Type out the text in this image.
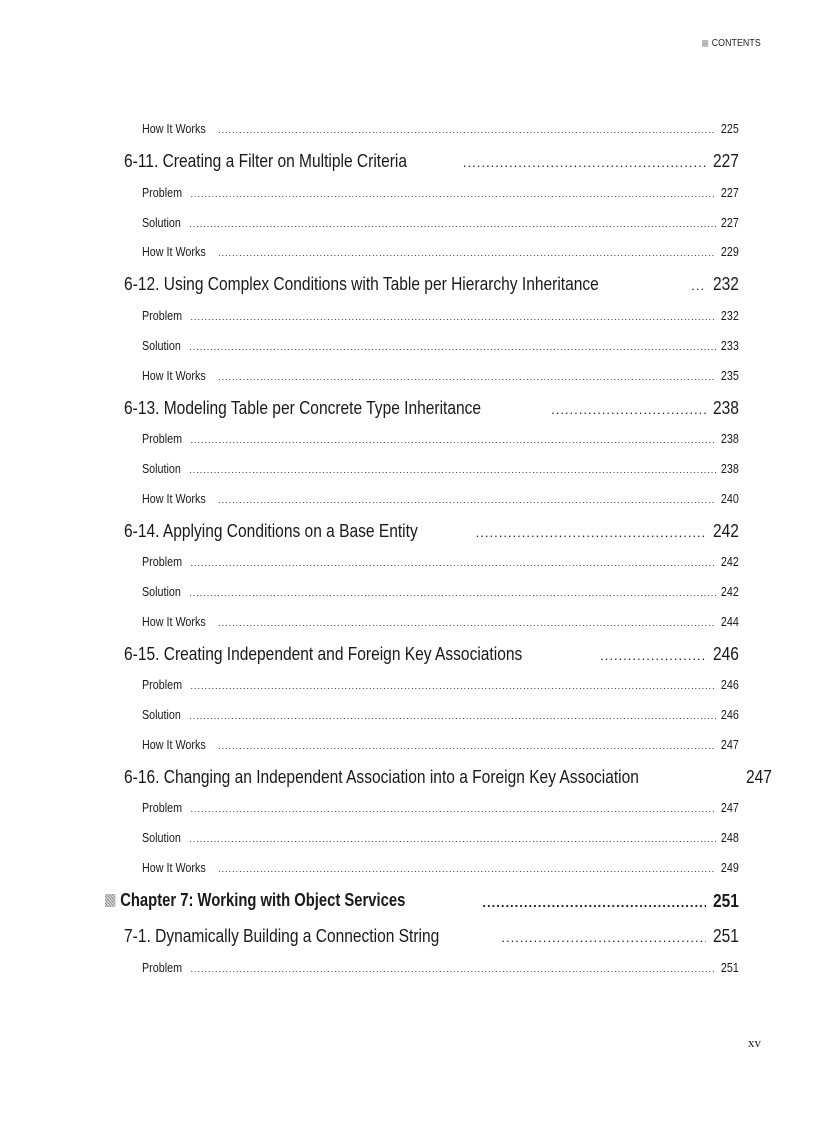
CONTENTS
How It Works .....	225
6-11. Creating a Filter on Multiple Criteria .....	227
Problem .....	227
Solution .....	227
How It Works .....	229
6-12. Using Complex Conditions with Table per Hierarchy Inheritance .....	232
Problem .....	232
Solution .....	233
How It Works .....	235
6-13. Modeling Table per Concrete Type Inheritance .....	238
Problem .....	238
Solution .....	238
How It Works .....	240
6-14. Applying Conditions on a Base Entity .....	242
Problem .....	242
Solution .....	242
How It Works .....	244
6-15. Creating Independent and Foreign Key Associations .....	246
Problem .....	246
Solution .....	246
How It Works .....	247
6-16. Changing an Independent Association into a Foreign Key Association	247
Problem .....	247
Solution .....	248
How It Works .....	249
Chapter 7: Working with Object Services .....	251
7-1. Dynamically Building a Connection String .....	251
Problem .....	251
xv
